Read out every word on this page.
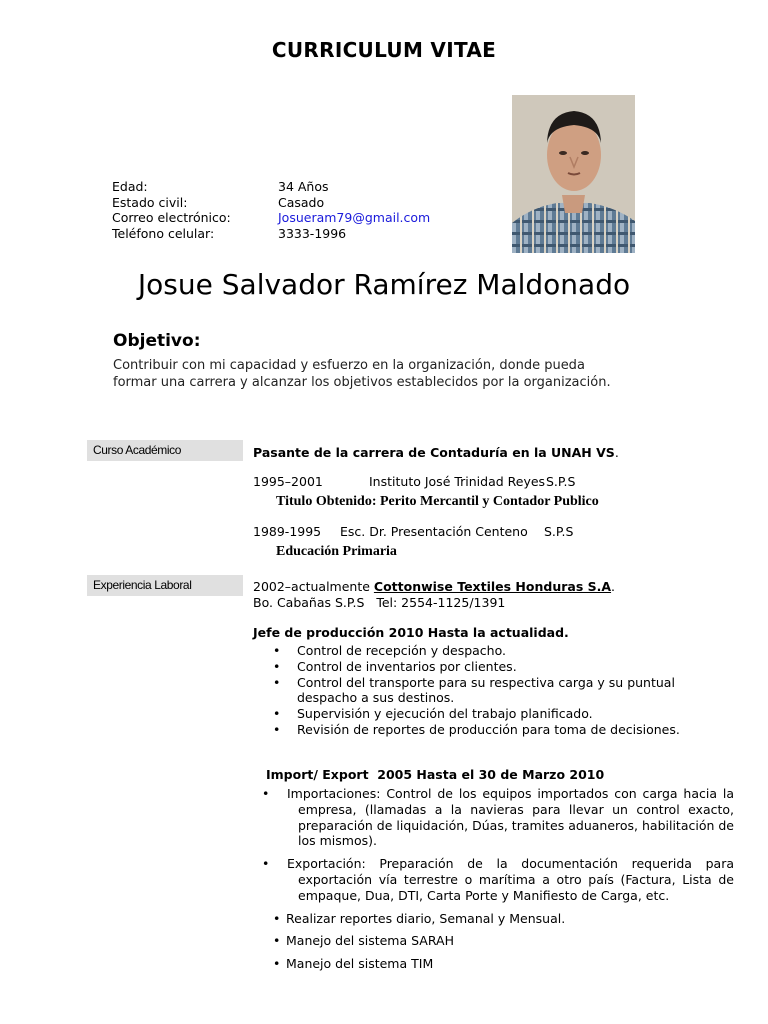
CURRICULUM VITAE
Edad:	34 Años
Estado civil:	Casado
Correo electrónico:	Josueram79@gmail.com
Teléfono celular:	3333-1996
Josue Salvador Ramírez Maldonado
Objetivo:
Contribuir con mi capacidad y esfuerzo en la organización, donde pueda
formar una carrera y alcanzar los objetivos establecidos por la organización.
Curso Académico	Pasante de la carrera de Contaduría en la UNAH VS.
1995–2001	Instituto José Trinidad Reyes S.P.S
Titulo Obtenido: Perito Mercantil y Contador Publico
1989-1995 Esc. Dr. Presentación Centeno S.P.S
Educación Primaria
Experiencia Laboral	2002–actualmente Cottonwise Textiles Honduras S.A.
Bo. Cabañas S.P.S   Tel: 2554-1125/1391
Jefe de producción 2010 Hasta la actualidad.
• Control de recepción y despacho.
• Control de inventarios por clientes.
• Control del transporte para su respectiva carga y su puntual despacho a sus destinos.
• Supervisión y ejecución del trabajo planificado.
• Revisión de reportes de producción para toma de decisiones.
Import/ Export  2005 Hasta el 30 de Marzo 2010
• Importaciones: Control de los equipos importados con carga hacia la empresa, (llamadas a la navieras para llevar un control exacto, preparación de liquidación, Dúas, tramites aduaneros, habilitación de los mismos).
• Exportación: Preparación de la documentación requerida para exportación vía terrestre o marítima a otro país (Factura, Lista de empaque, Dua, DTI, Carta Porte y Manifiesto de Carga, etc.
• Realizar reportes diario, Semanal y Mensual.
• Manejo del sistema SARAH
• Manejo del sistema TIM
